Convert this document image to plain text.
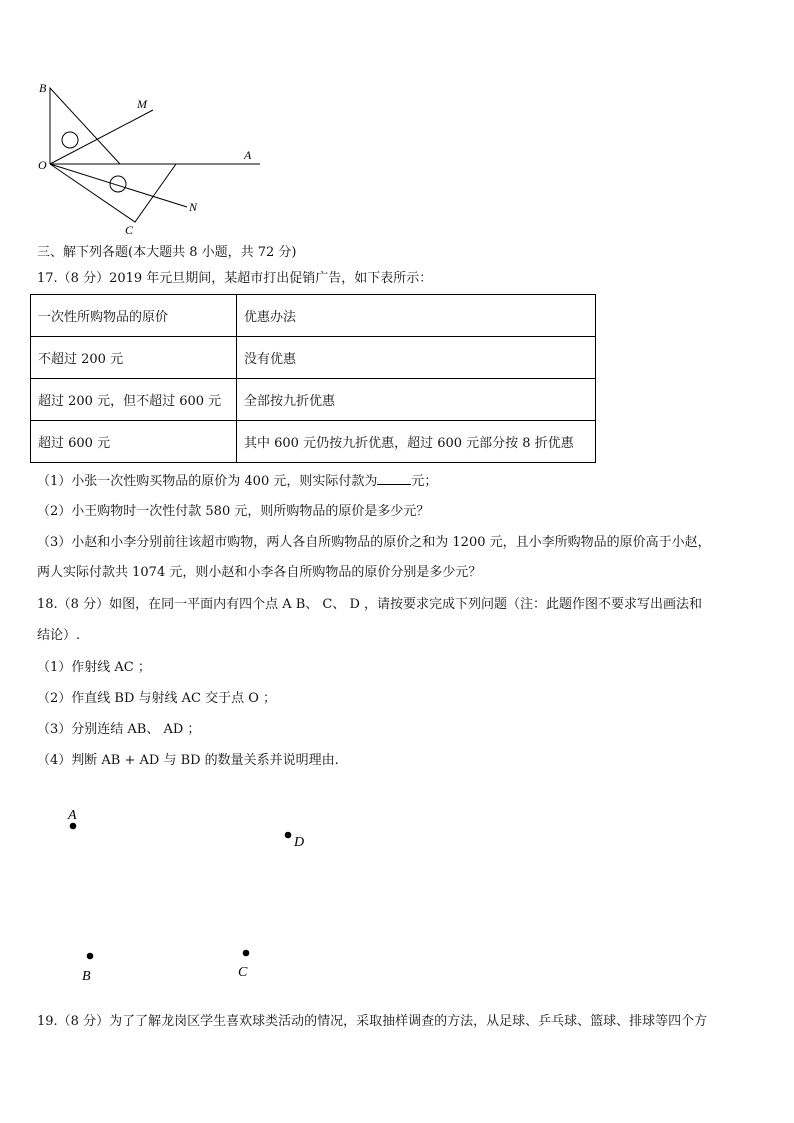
B
M
O
A
N
C
三、解下列各题(本大题共 8 小题，共 72 分)
17.（8 分）2019 年元旦期间，某超市打出促销广告，如下表所示：
一次性所购物品的原价	优惠办法
不超过 200 元	没有优惠
超过 200 元，但不超过 600 元	全部按九折优惠
超过 600 元	其中 600 元仍按九折优惠，超过 600 元部分按 8 折优惠
（1）小张一次性购买物品的原价为 400 元，则实际付款为	元；
（2）小王购物时一次性付款 580 元，则所购物品的原价是多少元？
（3）小赵和小李分别前往该超市购物，两人各自所购物品的原价之和为 1200 元，且小李所购物品的原价高于小赵，
两人实际付款共 1074 元，则小赵和小李各自所购物品的原价分别是多少元？
18.（8 分）如图，在同一平面内有四个点 A B、 C、 D ，请按要求完成下列问题（注：此题作图不要求写出画法和
结论）.
（1）作射线 AC ；
（2）作直线 BD 与射线 AC 交于点 O ；
（3）分别连结 AB、 AD ；
（4）判断 AB + AD 与 BD 的数量关系并说明理由.
A
D
B	C
19.（8 分）为了了解龙岗区学生喜欢球类活动的情况，采取抽样调查的方法，从足球、乒乓球、篮球、排球等四个方
